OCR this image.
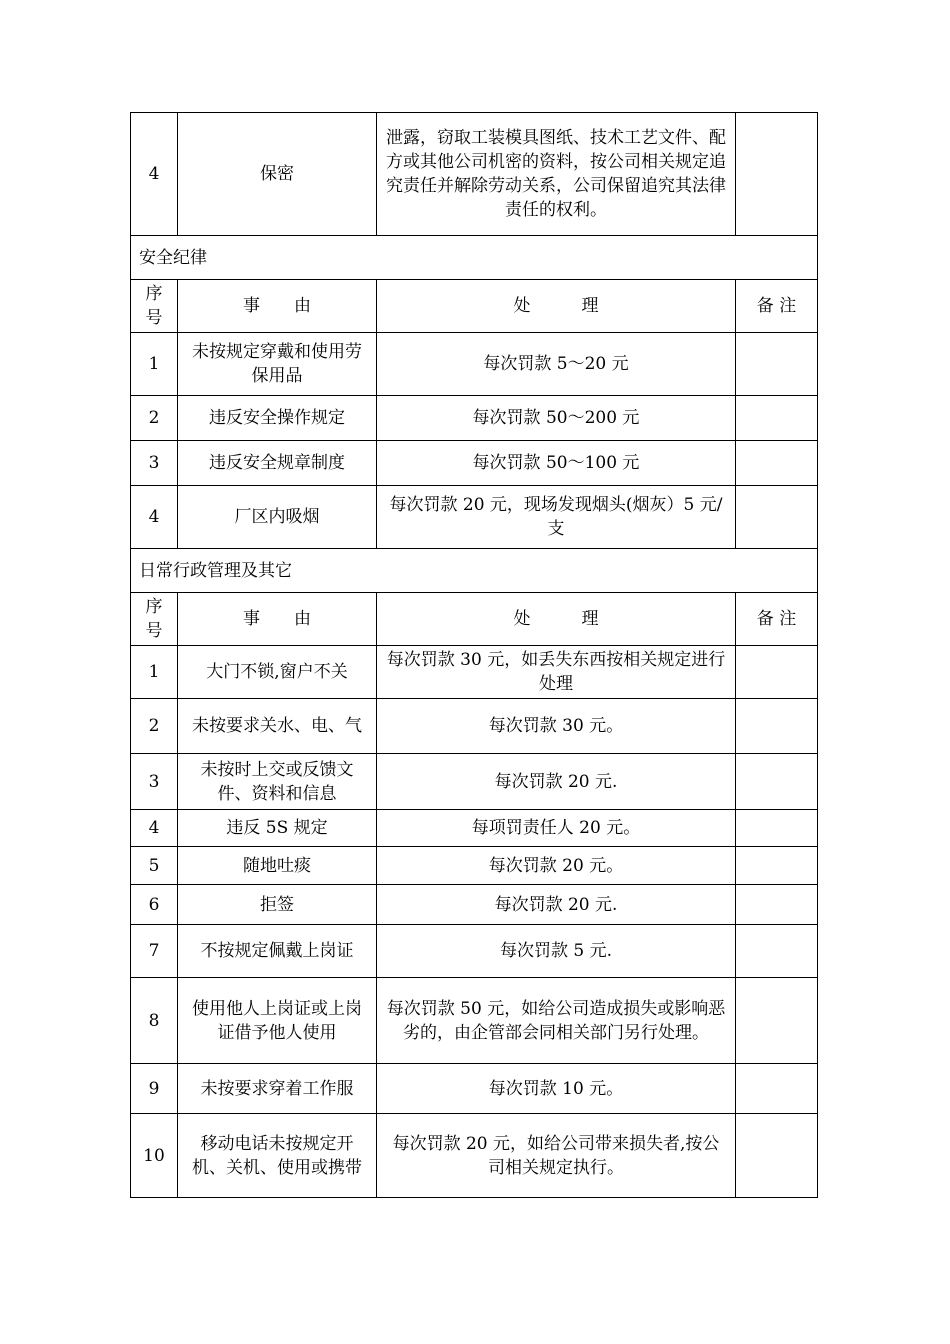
4	保密	泄露，窃取工装模具图纸、技术工艺文件、配方或其他公司机密的资料，按公司相关规定追究责任并解除劳动关系，公司保留追究其法律责任的权利。	
安全纪律			
序号	事　　由	处　　　理	备 注
1	未按规定穿戴和使用劳保用品	每次罚款 5～20 元	
2	违反安全操作规定	每次罚款 50～200 元	
3	违反安全规章制度	每次罚款 50～100 元	
4	厂区内吸烟	每次罚款 20 元，现场发现烟头(烟灰）5 元/支	
日常行政管理及其它			
序号	事　　由	处　　　理	备 注
1	大门不锁,窗户不关	每次罚款 30 元，如丢失东西按相关规定进行处理	
2	未按要求关水、电、气	每次罚款 30 元。	
3	未按时上交或反馈文件、资料和信息	每次罚款 20 元.	
4	违反 5S 规定	每项罚责任人 20 元。	
5	随地吐痰	每次罚款 20 元。	
6	拒签	每次罚款 20 元.	
7	不按规定佩戴上岗证	每次罚款 5 元.	
8	使用他人上岗证或上岗证借予他人使用	每次罚款 50 元，如给公司造成损失或影响恶劣的，由企管部会同相关部门另行处理。	
9	未按要求穿着工作服	每次罚款 10 元。	
10	移动电话未按规定开机、关机、使用或携带	每次罚款 20 元，如给公司带来损失者,按公司相关规定执行。	
